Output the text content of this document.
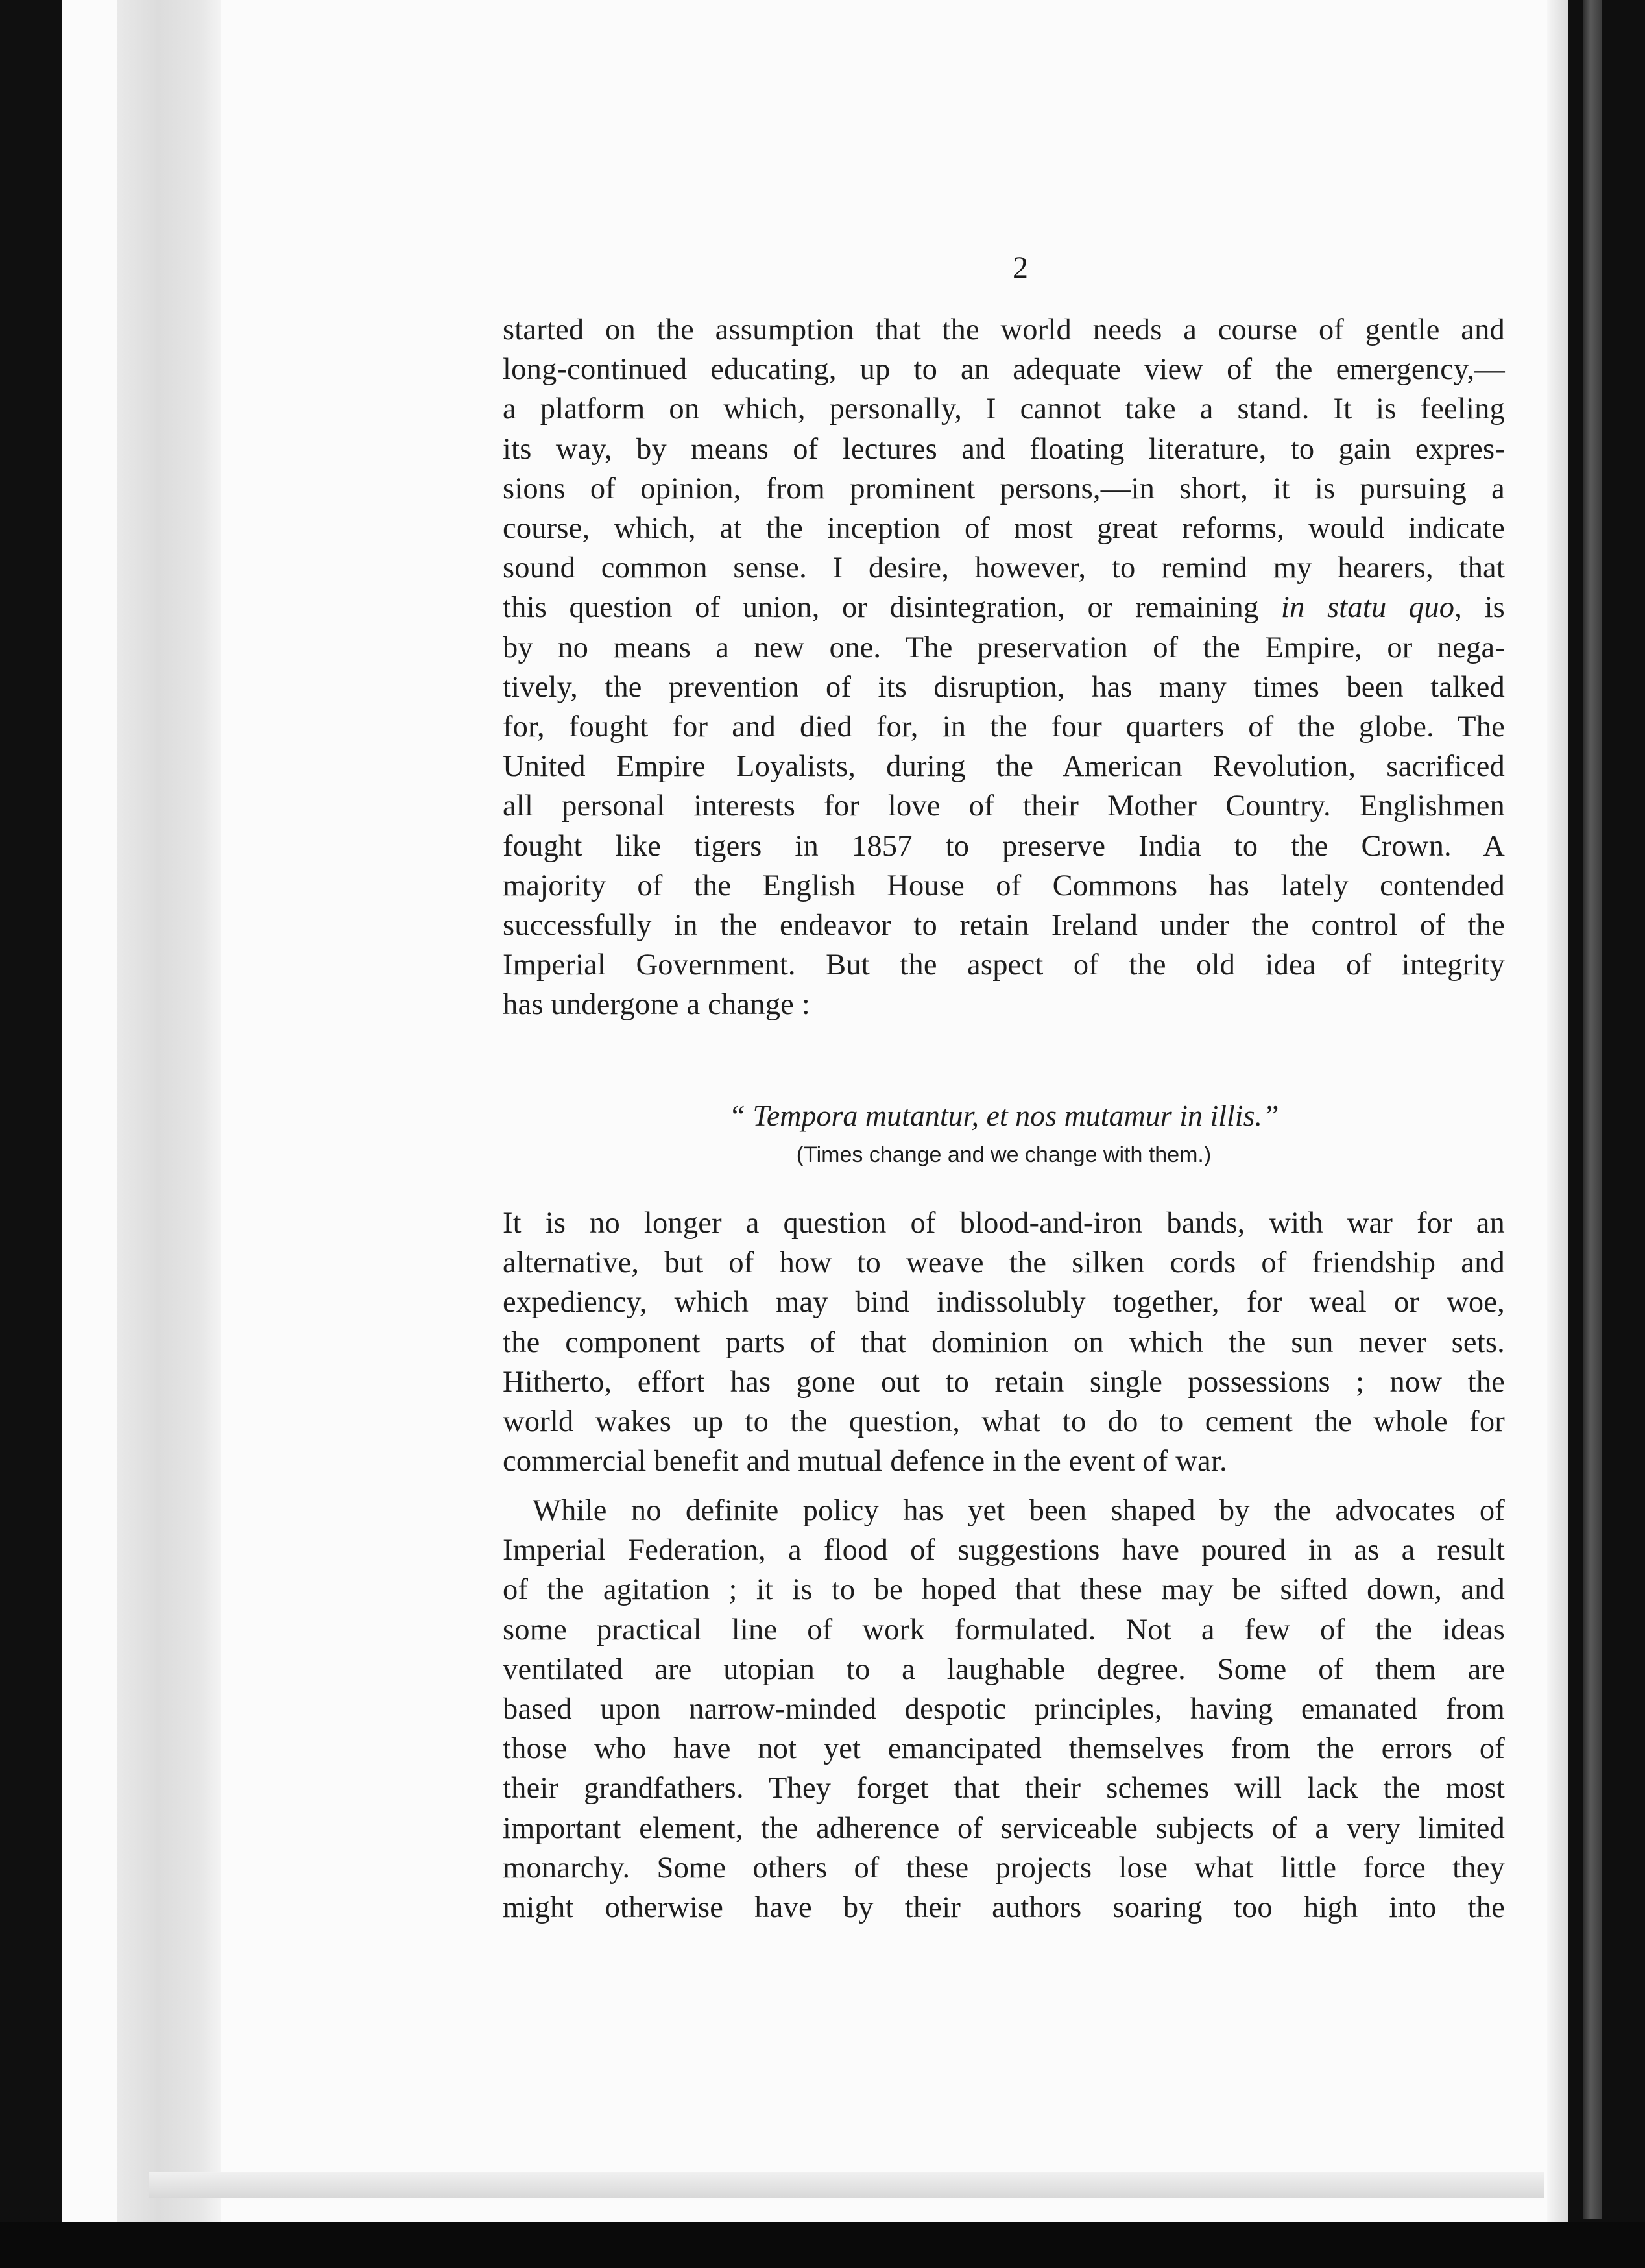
2
started on the assumption that the world needs a course of gentle and
long-continued educating, up to an adequate view of the emergency,—
a platform on which, personally, I cannot take a stand. It is feeling
its way, by means of lectures and floating literature, to gain expres-
sions of opinion, from prominent persons,—in short, it is pursuing a
course, which, at the inception of most great reforms, would indicate
sound common sense. I desire, however, to remind my hearers, that
this question of union, or disintegration, or remaining in statu quo, is
by no means a new one. The preservation of the Empire, or nega-
tively, the prevention of its disruption, has many times been talked
for, fought for and died for, in the four quarters of the globe. The
United Empire Loyalists, during the American Revolution, sacrificed
all personal interests for love of their Mother Country. Englishmen
fought like tigers in 1857 to preserve India to the Crown. A
majority of the English House of Commons has lately contended
successfully in the endeavor to retain Ireland under the control of the
Imperial Government. But the aspect of the old idea of integrity
has undergone a change :
“ Tempora mutantur, et nos mutamur in illis.”
(Times change and we change with them.)
It is no longer a question of blood-and-iron bands, with war for an
alternative, but of how to weave the silken cords of friendship and
expediency, which may bind indissolubly together, for weal or woe,
the component parts of that dominion on which the sun never sets.
Hitherto, effort has gone out to retain single possessions ; now the
world wakes up to the question, what to do to cement the whole for
commercial benefit and mutual defence in the event of war.
While no definite policy has yet been shaped by the advocates of
Imperial Federation, a flood of suggestions have poured in as a result
of the agitation ; it is to be hoped that these may be sifted down, and
some practical line of work formulated. Not a few of the ideas
ventilated are utopian to a laughable degree. Some of them are
based upon narrow-minded despotic principles, having emanated from
those who have not yet emancipated themselves from the errors of
their grandfathers. They forget that their schemes will lack the most
important element, the adherence of serviceable subjects of a very limited
monarchy. Some others of these projects lose what little force they
might otherwise have by their authors soaring too high into the
